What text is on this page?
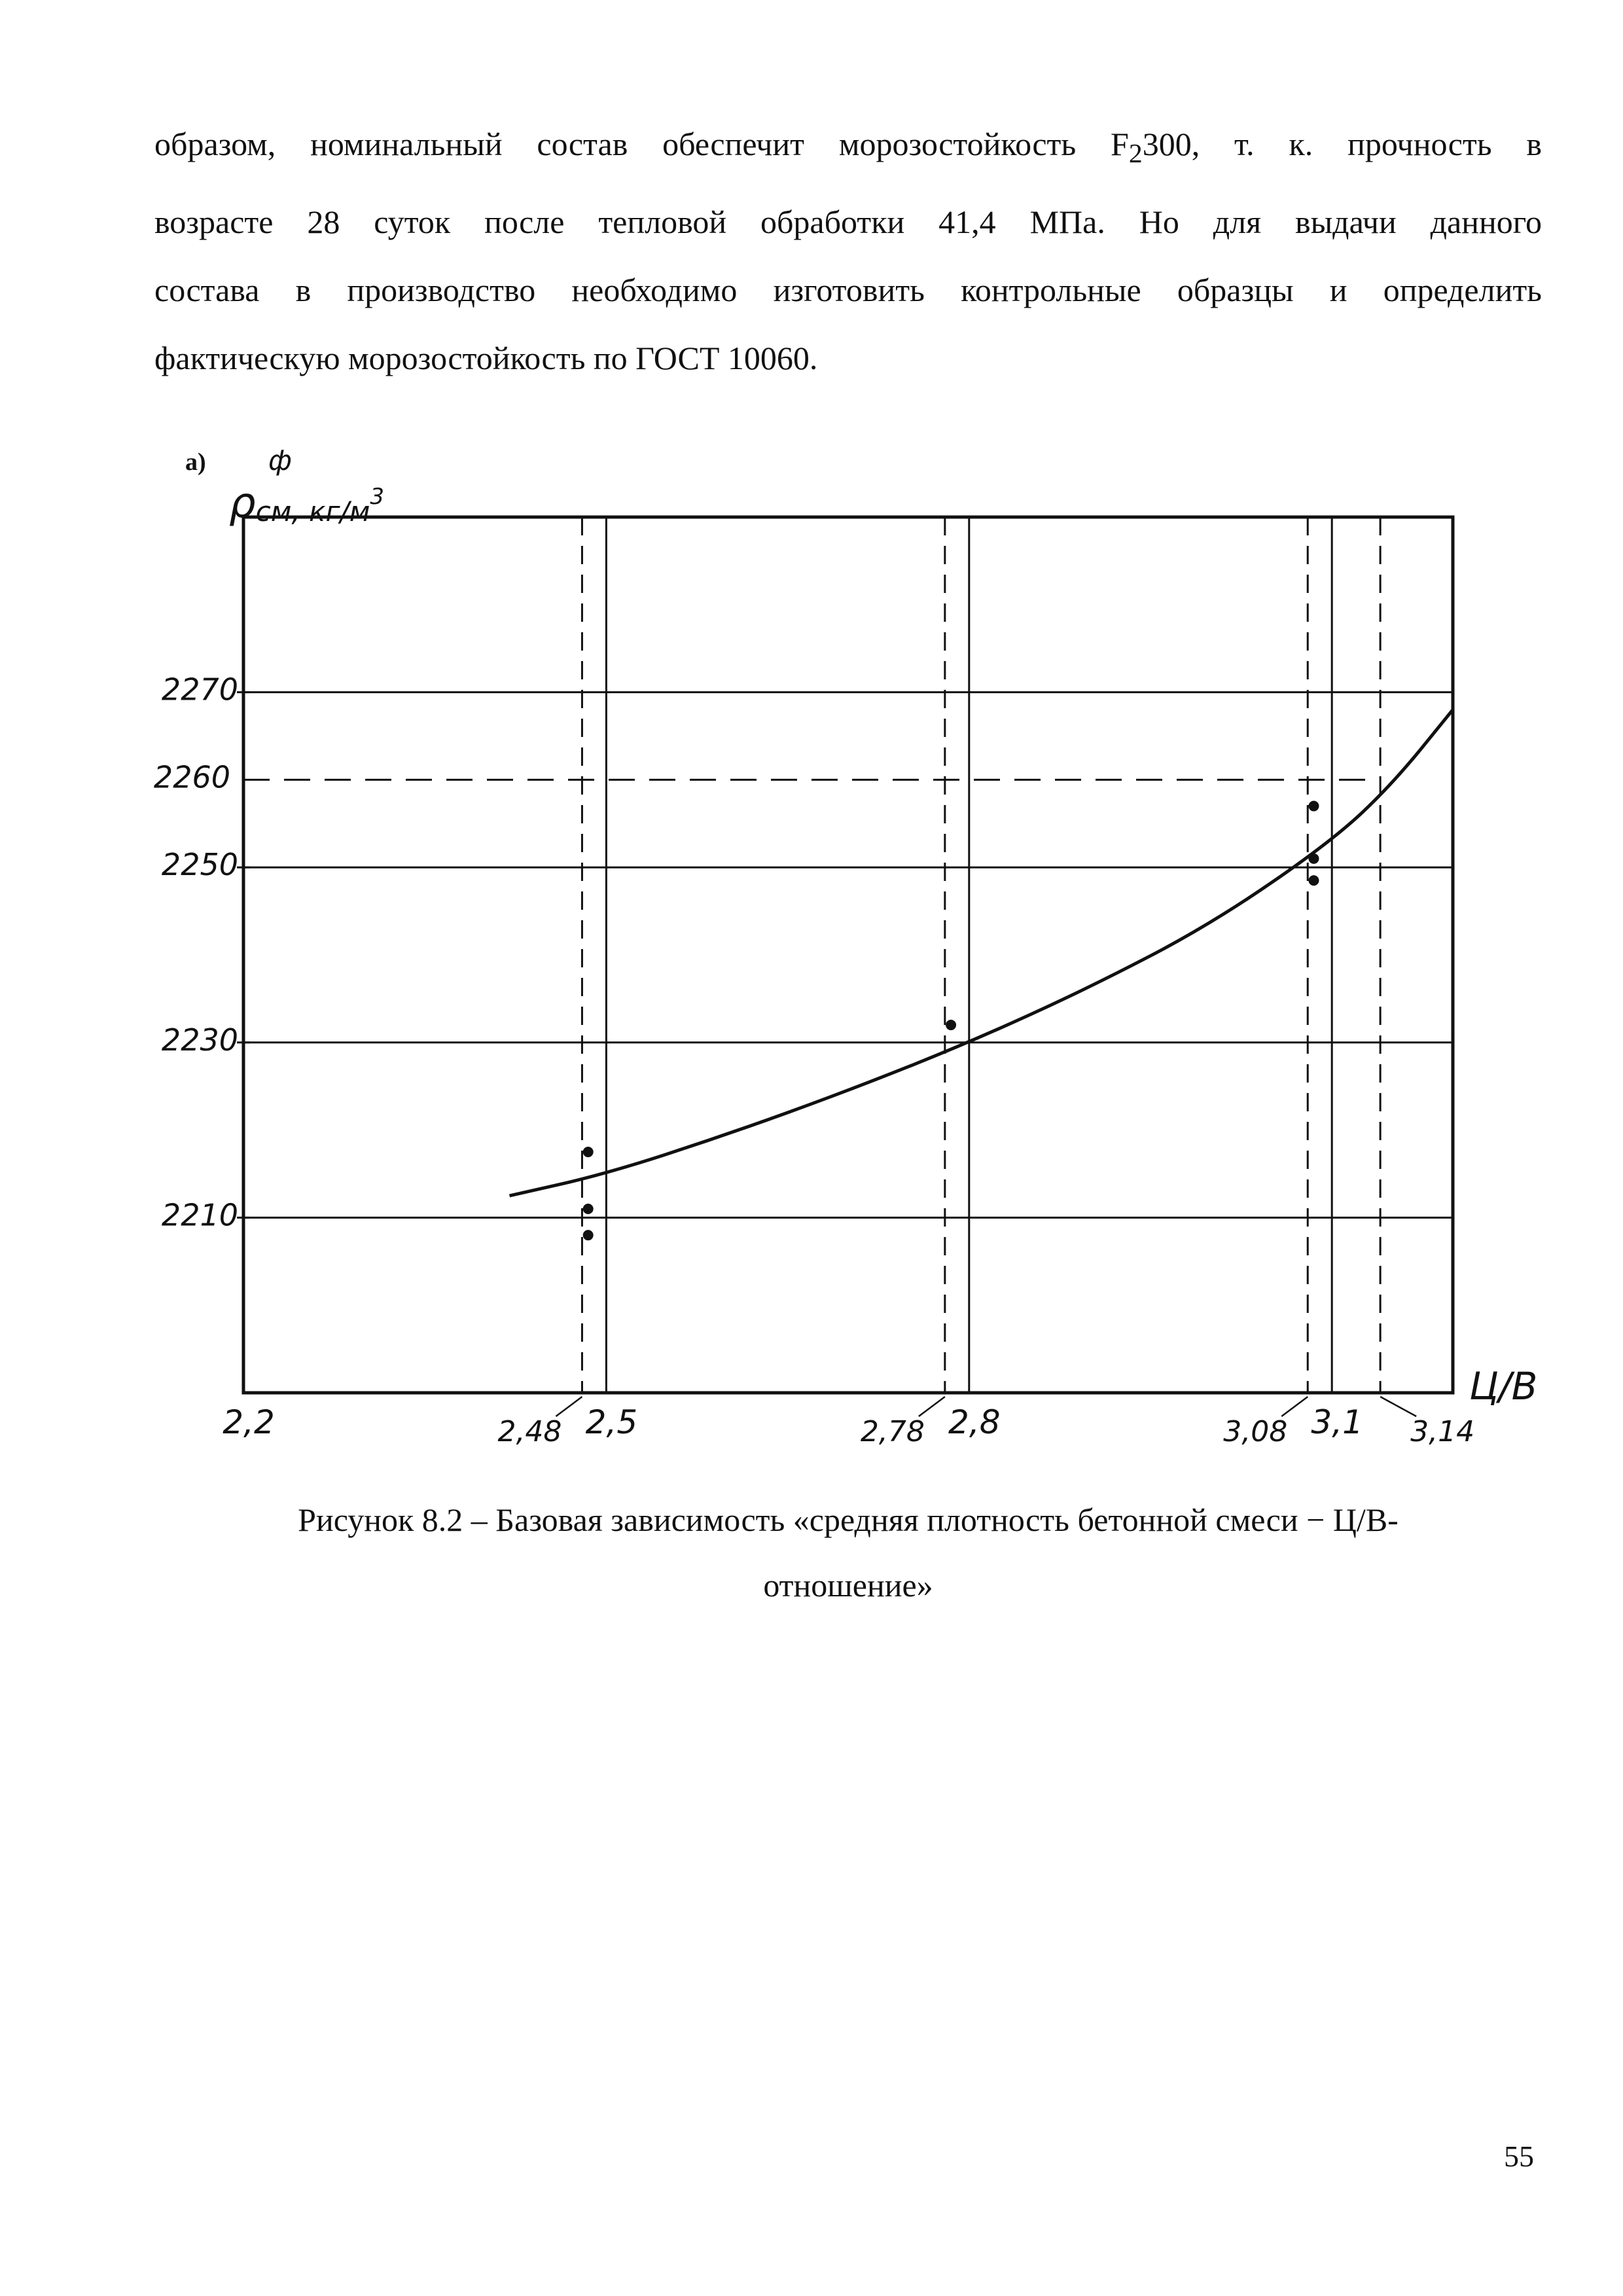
образом, номинальный состав обеспечит морозостойкость $F_2300$, т. к. прочность в
возрасте 28 суток после тепловой обработки 41,4 МПа. Но для выдачи данного
состава в производство необходимо изготовить контрольные образцы и определить
фактическую морозостойкость по ГОСТ 10060.

а)
ρсм, $кг/м^3$
ф
2210
2230
2250
2270
2260
2,2	2,5	2,8	3,1
2,48	2,78	3,08	3,14
Ц/В

Рисунок 8.2 – Базовая зависимость «средняя плотность бетонной смеси − Ц/В-
отношение»

55
